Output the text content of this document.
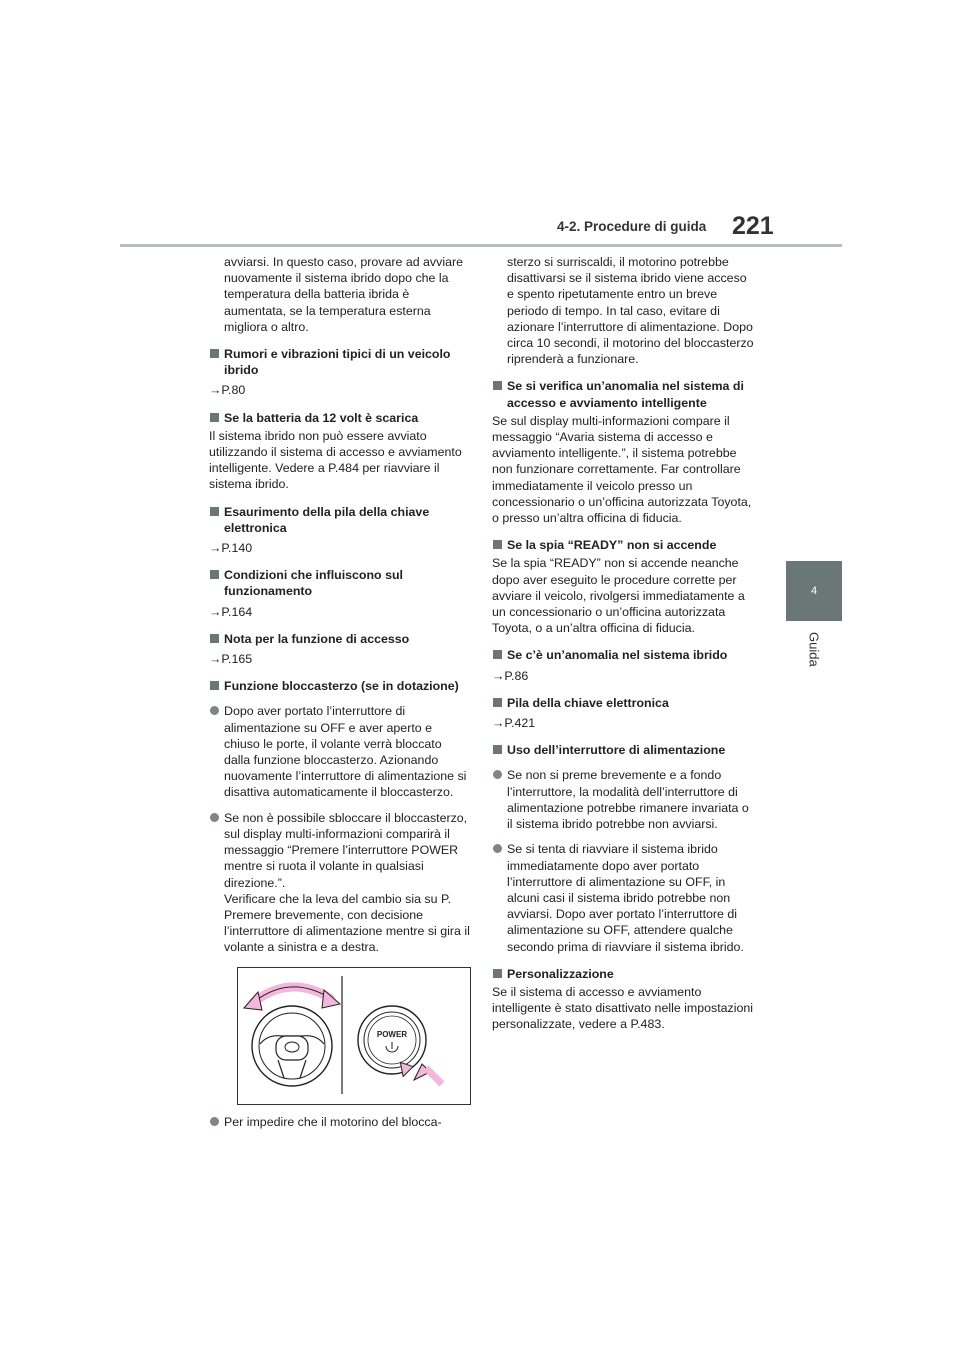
4-2. Procedure di guida 221
4
Guida

avviarsi. In questo caso, provare ad avviare nuovamente il sistema ibrido dopo che la temperatura della batteria ibrida è aumentata, se la temperatura esterna migliora o altro.

Rumori e vibrazioni tipici di un veicolo ibrido

→P.80

Se la batteria da 12 volt è scarica

Il sistema ibrido non può essere avviato utilizzando il sistema di accesso e avviamento intelligente. Vedere a P.484 per riavviare il sistema ibrido.

Esaurimento della pila della chiave elettronica

→P.140

Condizioni che influiscono sul funzionamento

→P.164

Nota per la funzione di accesso

→P.165

Funzione bloccasterzo (se in dotazione)

Dopo aver portato l’interruttore di alimentazione su OFF e aver aperto e chiuso le porte, il volante verrà bloccato dalla funzione bloccasterzo. Azionando nuovamente l’interruttore di alimentazione si disattiva automaticamente il bloccasterzo.

Se non è possibile sbloccare il bloccasterzo, sul display multi-informazioni comparirà il messaggio “Premere l’interruttore POWER mentre si ruota il volante in qualsiasi direzione.”.
Verificare che la leva del cambio sia su P. Premere brevemente, con decisione l’interruttore di alimentazione mentre si gira il volante a sinistra e a destra.
POWER

Per impedire che il motorino del blocca-

sterzo si surriscaldi, il motorino potrebbe disattivarsi se il sistema ibrido viene acceso e spento ripetutamente entro un breve periodo di tempo. In tal caso, evitare di azionare l’interruttore di alimentazione. Dopo circa 10 secondi, il motorino del bloccasterzo riprenderà a funzionare.

Se si verifica un’anomalia nel sistema di accesso e avviamento intelligente

Se sul display multi-informazioni compare il messaggio “Avaria sistema di accesso e avviamento intelligente.”, il sistema potrebbe non funzionare correttamente. Far controllare immediatamente il veicolo presso un concessionario o un’officina autorizzata Toyota, o presso un’altra officina di fiducia.

Se la spia “READY” non si accende

Se la spia “READY” non si accende neanche dopo aver eseguito le procedure corrette per avviare il veicolo, rivolgersi immediatamente a un concessionario o un’officina autorizzata Toyota, o a un’altra officina di fiducia.

Se c’è un’anomalia nel sistema ibrido

→P.86

Pila della chiave elettronica

→P.421

Uso dell’interruttore di alimentazione

Se non si preme brevemente e a fondo l’interruttore, la modalità dell’interruttore di alimentazione potrebbe rimanere invariata o il sistema ibrido potrebbe non avviarsi.

Se si tenta di riavviare il sistema ibrido immediatamente dopo aver portato l’interruttore di alimentazione su OFF, in alcuni casi il sistema ibrido potrebbe non avviarsi. Dopo aver portato l’interruttore di alimentazione su OFF, attendere qualche secondo prima di riavviare il sistema ibrido.

Personalizzazione

Se il sistema di accesso e avviamento intelligente è stato disattivato nelle impostazioni personalizzate, vedere a P.483.
